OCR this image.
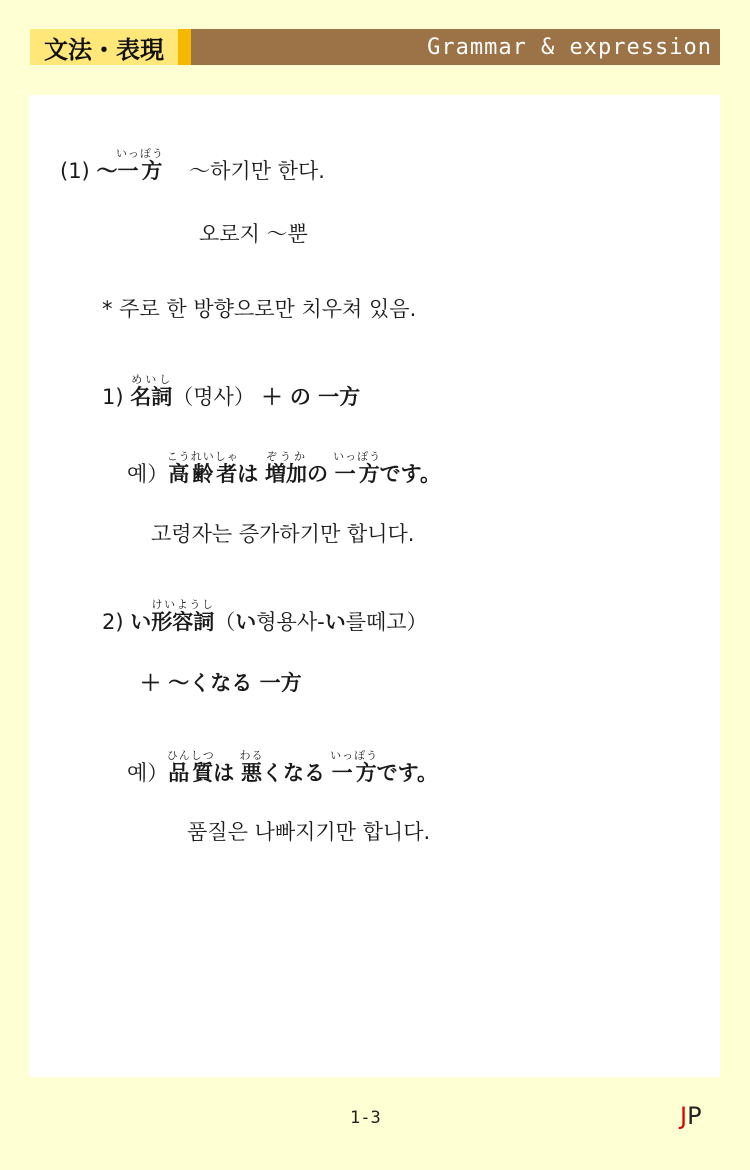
文法・表現	Grammar & expression
(1) ～一方いっぽう ～하기만 한다.
오로지 ～뿐
* 주로 한 방향으로만 치우쳐 있음.
1) 名詞めいし（명사） ＋ の 一方
예）高齢者こうれいしゃは 増加ぞうかの 一方いっぽうです。
고령자는 증가하기만 합니다.
2) い形容詞けいようし（い형용사-い를떼고）
＋ ～くなる 一方
예）品質ひんしつは 悪わるくなる 一方いっぽうです。
품질은 나빠지기만 합니다.
1-3	JP
